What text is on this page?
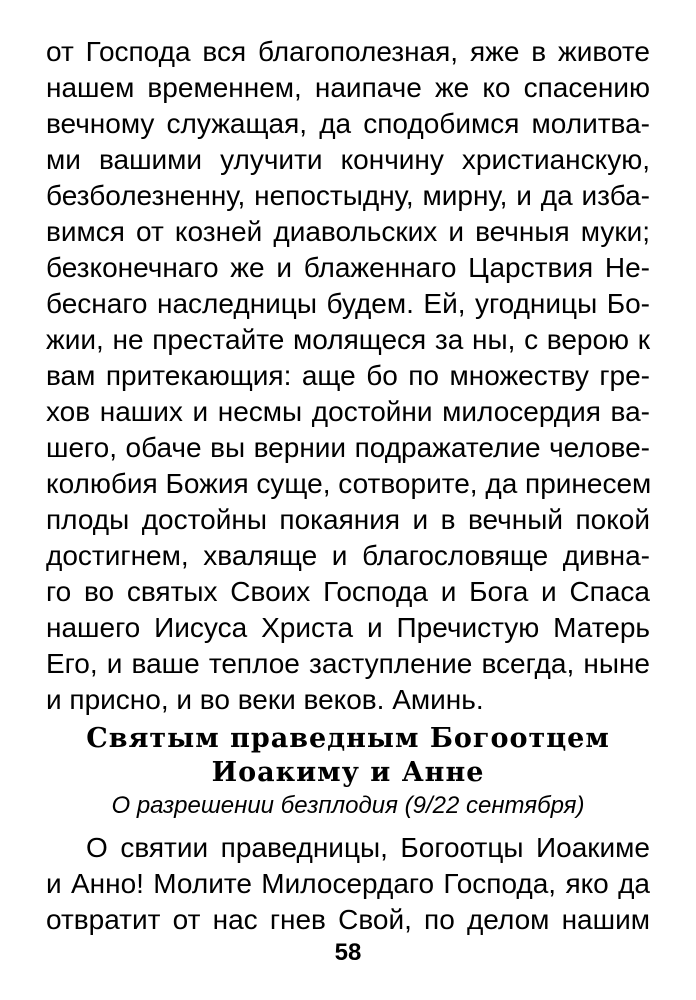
от Господа вся благополезная, яже в животе
нашем временнем, наипаче же ко спасению
вечному служащая, да сподобимся молитва-
ми вашими улучити кончину христианскую,
безболезненну, непостыдну, мирну, и да изба-
вимся от козней диавольских и вечныя муки;
безконечнаго же и блаженнаго Царствия Не-
беснаго наследницы будем. Ей, угодницы Бо-
жии, не престайте молящеся за ны, с верою к
вам притекающия: аще бо по множеству гре-
хов наших и несмы достойни милосердия ва-
шего, обаче вы вернии подражателие челове-
колюбия Божия суще, сотворите, да принесем
плоды достойны покаяния и в вечный покой
достигнем, хваляще и благословяще дивна-
го во святых Своих Господа и Бога и Спаса
нашего Иисуса Христа и Пречистую Матерь
Его, и ваше теплое заступление всегда, ныне
и присно, и во веки веков. Аминь.
Святым праведным Богоотцем
Иоакиму и Анне
О разрешении безплодия (9/22 сентября)
О святии праведницы, Богоотцы Иоакиме
и Анно! Молите Милосердаго Господа, яко да
отвратит от нас гнев Свой, по делом нашим
58
